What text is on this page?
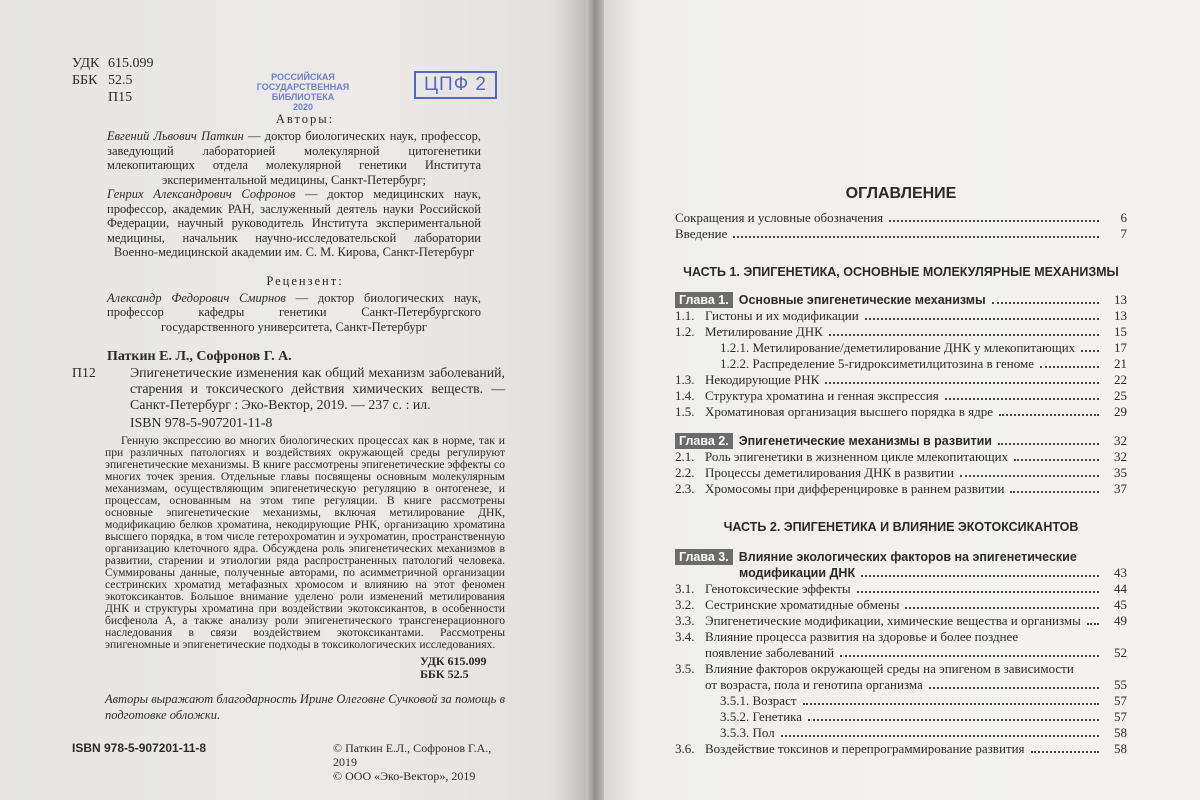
УДК 615.099
ББК 52.5
П15
РОССИЙСКАЯ
ГОСУДАРСТВЕННАЯ
БИБЛИОТЕКА
2020
ЦПФ 2
Авторы:
Евгений Львович Паткин — доктор биологических наук, профессор, заведующий лабораторией молекулярной цитогенетики млекопитающих отдела молекулярной генетики Института экспериментальной медицины, Санкт-Петербург;
Генрих Александрович Софронов — доктор медицинских наук, профессор, академик РАН, заслуженный деятель науки Российской Федерации, научный руководитель Института экспериментальной медицины, начальник научно-исследовательской лаборатории Военно-медицинской академии им. С. М. Кирова, Санкт-Петербург
Рецензент:
Александр Федорович Смирнов — доктор биологических наук, профессор кафедры генетики Санкт-Петербургского государственного университета, Санкт-Петербург
Паткин Е. Л., Софронов Г. А.
П12	Эпигенетические изменения как общий механизм заболеваний, старения и токсического действия химических веществ. — Санкт-Петербург : Эко-Вектор, 2019. — 237 с. : ил.
ISBN 978-5-907201-11-8
Генную экспрессию во многих биологических процессах как в норме, так и при различных патологиях и воздействиях окружающей среды регулируют эпигенетические механизмы. В книге рассмотрены эпигенетические эффекты со многих точек зрения. Отдельные главы посвящены основным молекулярным механизмам, осуществляющим эпигенетическую регуляцию в онтогенезе, и процессам, основанным на этом типе регуляции. В книге рассмотрены основные эпигенетические механизмы, включая метилирование ДНК, модификацию белков хроматина, некодирующие РНК, организацию хроматина высшего порядка, в том числе гетерохроматин и эухроматин, пространственную организацию клеточного ядра. Обсуждена роль эпигенетических механизмов в развитии, старении и этиологии ряда распространенных патологий человека. Суммированы данные, полученные авторами, по асимметричной организации сестринских хроматид метафазных хромосом и влиянию на этот феномен экотоксикантов. Большое внимание уделено роли изменений метилирования ДНК и структуры хроматина при воздействии экотоксикантов, в особенности бисфенола А, а также анализу роли эпигенетического трансгенерационного наследования в связи воздействием экотоксикантами. Рассмотрены эпигеномные и эпигенетические подходы в токсикологических исследованиях.
УДК 615.099
ББК 52.5
Авторы выражают благодарность Ирине Олеговне Сучковой за помощь в подготовке обложки.
ISBN 978-5-907201-11-8	© Паткин Е.Л., Софронов Г.А., 2019
© ООО «Эко-Вектор», 2019
ОГЛАВЛЕНИЕ
Сокращения и условные обозначения	6
Введение	7
ЧАСТЬ 1. ЭПИГЕНЕТИКА, ОСНОВНЫЕ МОЛЕКУЛЯРНЫЕ МЕХАНИЗМЫ
Глава 1. Основные эпигенетические механизмы	13
1.1. Гистоны и их модификации	13
1.2. Метилирование ДНК	15
1.2.1. Метилирование/деметилирование ДНК у млекопитающих	17
1.2.2. Распределение 5-гидроксиметилцитозина в геноме	21
1.3. Некодирующие РНК	22
1.4. Структура хроматина и генная экспрессия	25
1.5. Хроматиновая организация высшего порядка в ядре	29
Глава 2. Эпигенетические механизмы в развитии	32
2.1. Роль эпигенетики в жизненном цикле млекопитающих	32
2.2. Процессы деметилирования ДНК в развитии	35
2.3. Хромосомы при дифференцировке в раннем развитии	37
ЧАСТЬ 2. ЭПИГЕНЕТИКА И ВЛИЯНИЕ ЭКОТОКСИКАНТОВ
Глава 3. Влияние экологических факторов на эпигенетические
модификации ДНК	43
3.1. Генотоксические эффекты	44
3.2. Сестринские хроматидные обмены	45
3.3. Эпигенетические модификации, химические вещества и организмы	49
3.4. Влияние процесса развития на здоровье и более позднее
появление заболеваний	52
3.5. Влияние факторов окружающей среды на эпигеном в зависимости
от возраста, пола и генотипа организма	55
3.5.1. Возраст	57
3.5.2. Генетика	57
3.5.3. Пол	58
3.6. Воздействие токсинов и перепрограммирование развития	58
